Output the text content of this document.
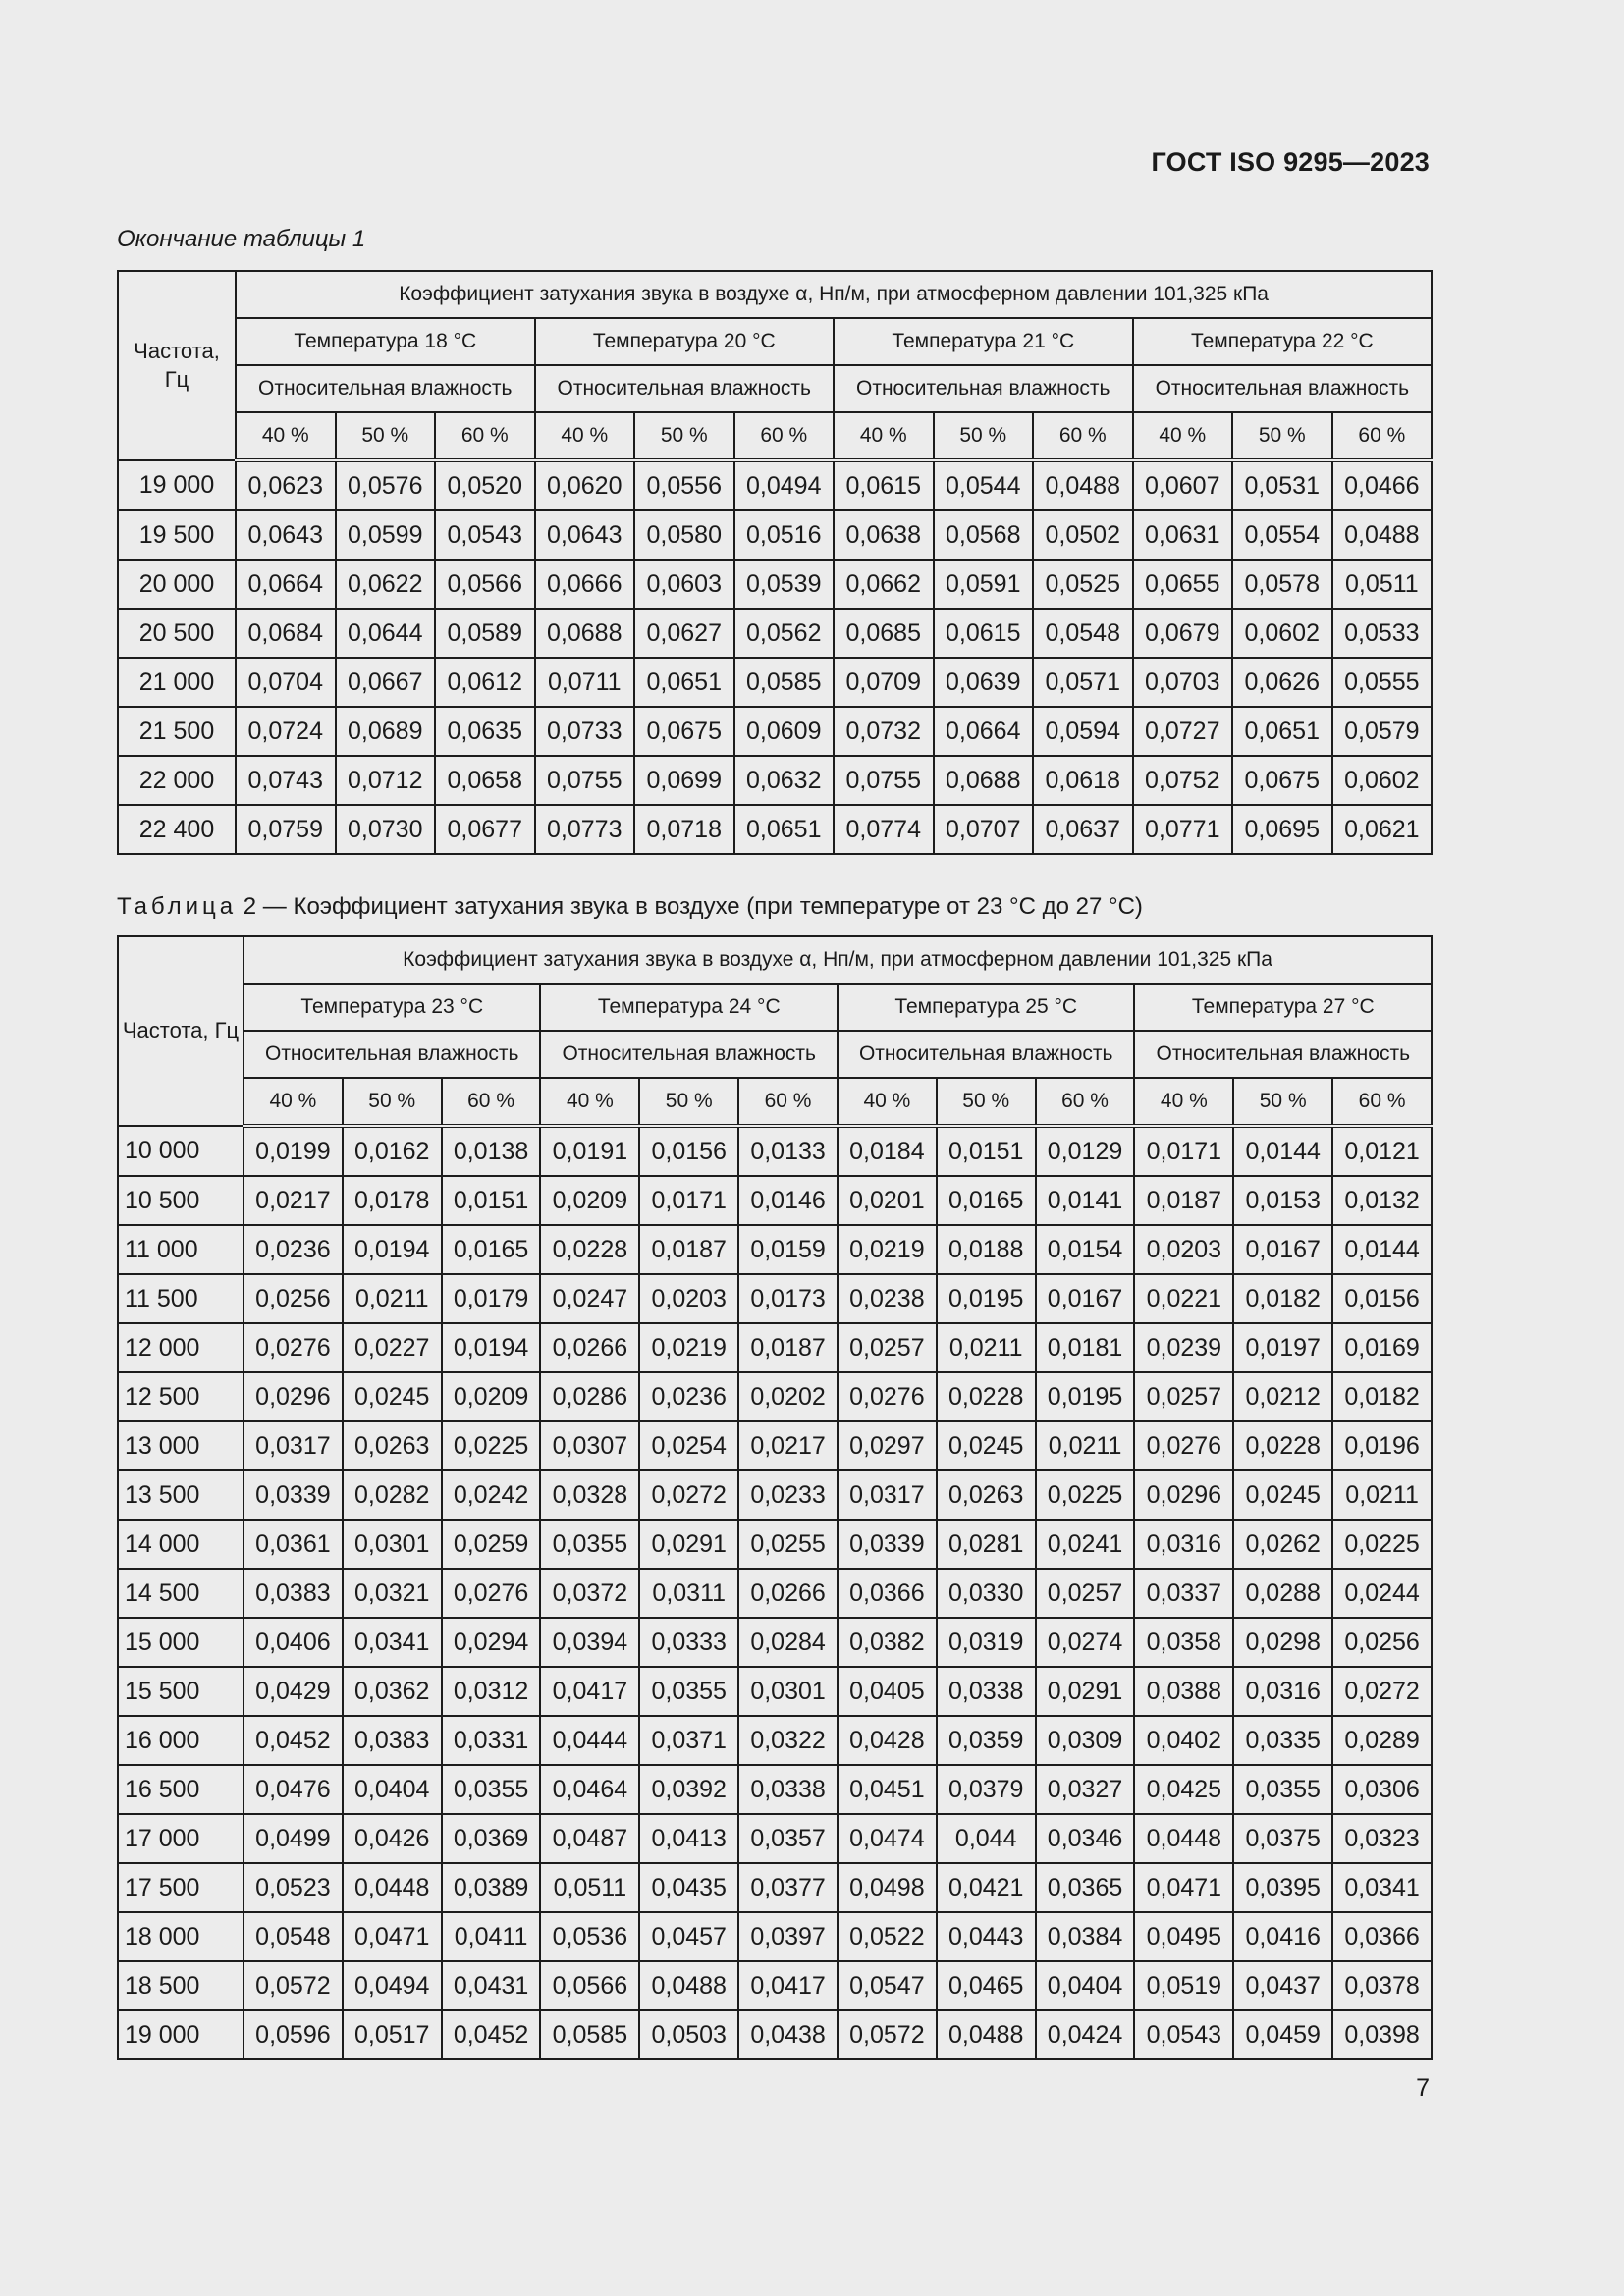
ГОСТ ISO 9295—2023
Окончание таблицы 1
Частота, Гц	Коэффициент затухания звука в воздухе α, Нп/м, при атмосферном давлении 101,325 кПа											
	Температура 18 °С			Температура 20 °С			Температура 21 °С			Температура 22 °С		
	Относительная влажность			Относительная влажность			Относительная влажность			Относительная влажность		
	40 %	50 %	60 %	40 %	50 %	60 %	40 %	50 %	60 %	40 %	50 %	60 %
19 000	0,0623	0,0576	0,0520	0,0620	0,0556	0,0494	0,0615	0,0544	0,0488	0,0607	0,0531	0,0466
19 500	0,0643	0,0599	0,0543	0,0643	0,0580	0,0516	0,0638	0,0568	0,0502	0,0631	0,0554	0,0488
20 000	0,0664	0,0622	0,0566	0,0666	0,0603	0,0539	0,0662	0,0591	0,0525	0,0655	0,0578	0,0511
20 500	0,0684	0,0644	0,0589	0,0688	0,0627	0,0562	0,0685	0,0615	0,0548	0,0679	0,0602	0,0533
21 000	0,0704	0,0667	0,0612	0,0711	0,0651	0,0585	0,0709	0,0639	0,0571	0,0703	0,0626	0,0555
21 500	0,0724	0,0689	0,0635	0,0733	0,0675	0,0609	0,0732	0,0664	0,0594	0,0727	0,0651	0,0579
22 000	0,0743	0,0712	0,0658	0,0755	0,0699	0,0632	0,0755	0,0688	0,0618	0,0752	0,0675	0,0602
22 400	0,0759	0,0730	0,0677	0,0773	0,0718	0,0651	0,0774	0,0707	0,0637	0,0771	0,0695	0,0621
Таблица 2 — Коэффициент затухания звука в воздухе (при температуре от 23 °С до 27 °С)
Частота, Гц	Коэффициент затухания звука в воздухе α, Нп/м, при атмосферном давлении 101,325 кПа											
	Температура 23 °С			Температура 24 °С			Температура 25 °С			Температура 27 °С		
	Относительная влажность			Относительная влажность			Относительная влажность			Относительная влажность		
	40 %	50 %	60 %	40 %	50 %	60 %	40 %	50 %	60 %	40 %	50 %	60 %
10 000	0,0199	0,0162	0,0138	0,0191	0,0156	0,0133	0,0184	0,0151	0,0129	0,0171	0,0144	0,0121
10 500	0,0217	0,0178	0,0151	0,0209	0,0171	0,0146	0,0201	0,0165	0,0141	0,0187	0,0153	0,0132
11 000	0,0236	0,0194	0,0165	0,0228	0,0187	0,0159	0,0219	0,0188	0,0154	0,0203	0,0167	0,0144
11 500	0,0256	0,0211	0,0179	0,0247	0,0203	0,0173	0,0238	0,0195	0,0167	0,0221	0,0182	0,0156
12 000	0,0276	0,0227	0,0194	0,0266	0,0219	0,0187	0,0257	0,0211	0,0181	0,0239	0,0197	0,0169
12 500	0,0296	0,0245	0,0209	0,0286	0,0236	0,0202	0,0276	0,0228	0,0195	0,0257	0,0212	0,0182
13 000	0,0317	0,0263	0,0225	0,0307	0,0254	0,0217	0,0297	0,0245	0,0211	0,0276	0,0228	0,0196
13 500	0,0339	0,0282	0,0242	0,0328	0,0272	0,0233	0,0317	0,0263	0,0225	0,0296	0,0245	0,0211
14 000	0,0361	0,0301	0,0259	0,0355	0,0291	0,0255	0,0339	0,0281	0,0241	0,0316	0,0262	0,0225
14 500	0,0383	0,0321	0,0276	0,0372	0,0311	0,0266	0,0366	0,0330	0,0257	0,0337	0,0288	0,0244
15 000	0,0406	0,0341	0,0294	0,0394	0,0333	0,0284	0,0382	0,0319	0,0274	0,0358	0,0298	0,0256
15 500	0,0429	0,0362	0,0312	0,0417	0,0355	0,0301	0,0405	0,0338	0,0291	0,0388	0,0316	0,0272
16 000	0,0452	0,0383	0,0331	0,0444	0,0371	0,0322	0,0428	0,0359	0,0309	0,0402	0,0335	0,0289
16 500	0,0476	0,0404	0,0355	0,0464	0,0392	0,0338	0,0451	0,0379	0,0327	0,0425	0,0355	0,0306
17 000	0,0499	0,0426	0,0369	0,0487	0,0413	0,0357	0,0474	0,044	0,0346	0,0448	0,0375	0,0323
17 500	0,0523	0,0448	0,0389	0,0511	0,0435	0,0377	0,0498	0,0421	0,0365	0,0471	0,0395	0,0341
18 000	0,0548	0,0471	0,0411	0,0536	0,0457	0,0397	0,0522	0,0443	0,0384	0,0495	0,0416	0,0366
18 500	0,0572	0,0494	0,0431	0,0566	0,0488	0,0417	0,0547	0,0465	0,0404	0,0519	0,0437	0,0378
19 000	0,0596	0,0517	0,0452	0,0585	0,0503	0,0438	0,0572	0,0488	0,0424	0,0543	0,0459	0,0398
7
